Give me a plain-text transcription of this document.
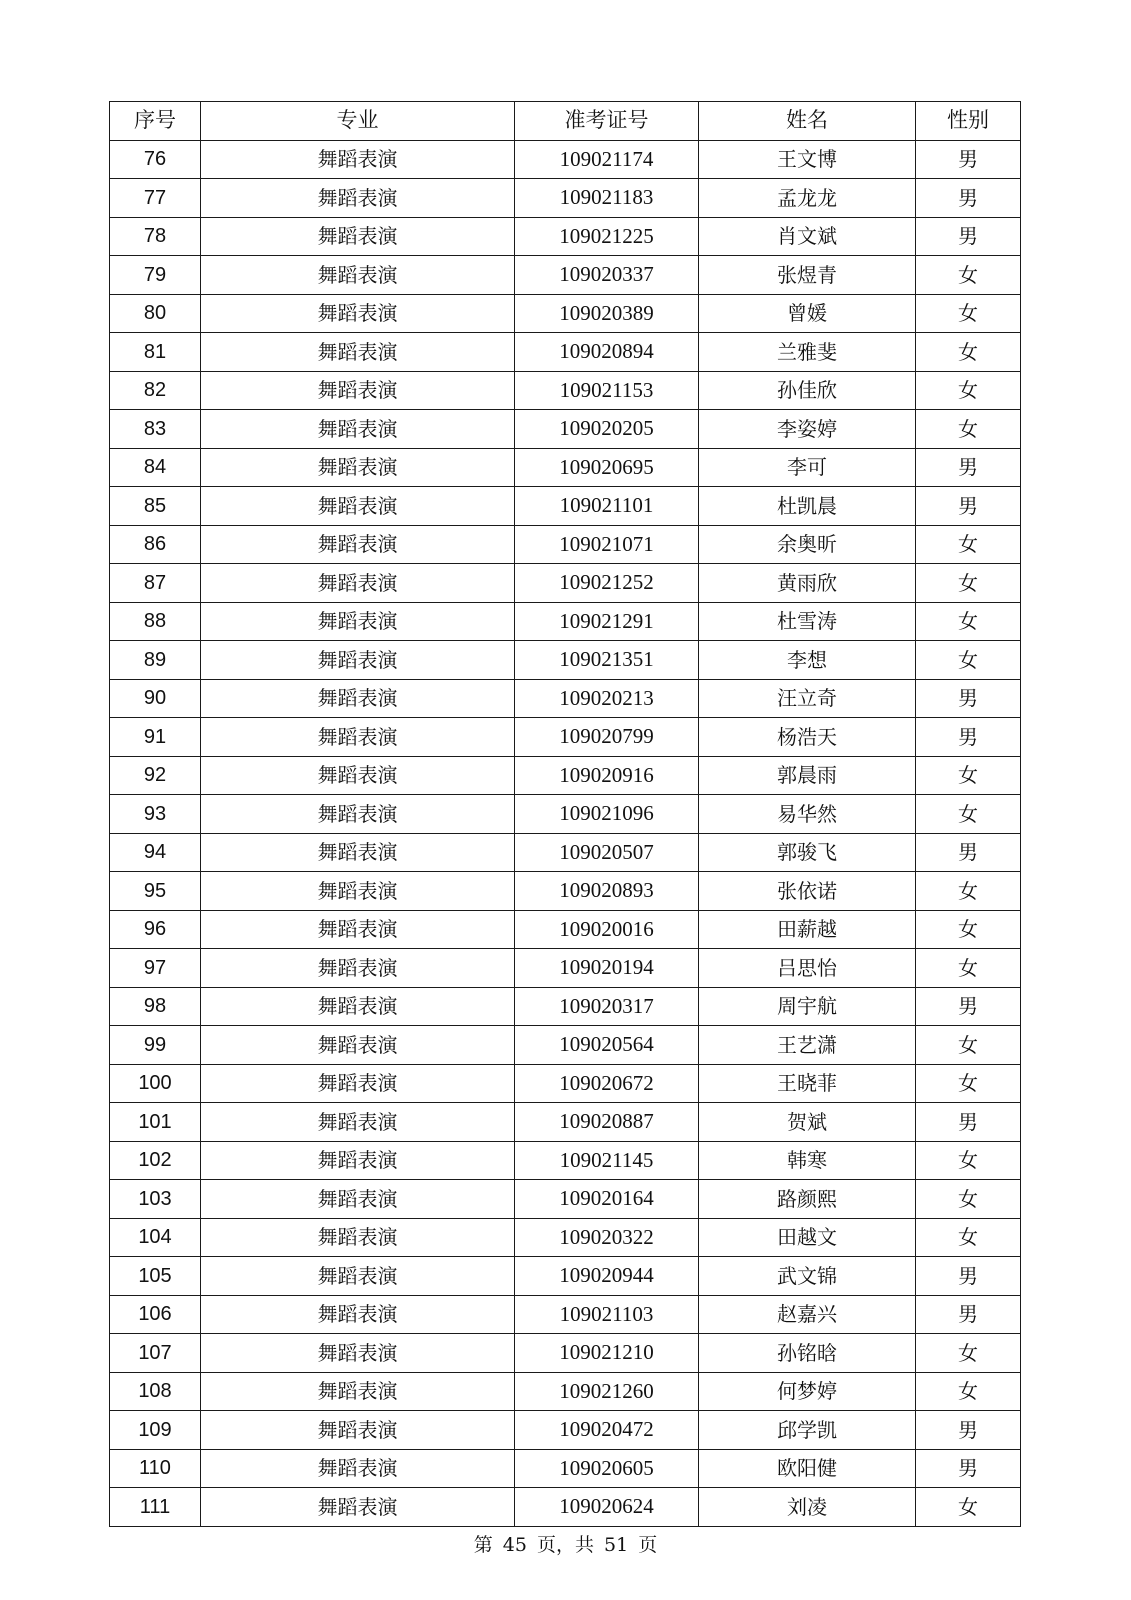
序号	专业	准考证号	姓名	性别
76	舞蹈表演	109021174	王文博	男
77	舞蹈表演	109021183	孟龙龙	男
78	舞蹈表演	109021225	肖文斌	男
79	舞蹈表演	109020337	张煜青	女
80	舞蹈表演	109020389	曾媛	女
81	舞蹈表演	109020894	兰雅斐	女
82	舞蹈表演	109021153	孙佳欣	女
83	舞蹈表演	109020205	李姿婷	女
84	舞蹈表演	109020695	李可	男
85	舞蹈表演	109021101	杜凯晨	男
86	舞蹈表演	109021071	余奥昕	女
87	舞蹈表演	109021252	黄雨欣	女
88	舞蹈表演	109021291	杜雪涛	女
89	舞蹈表演	109021351	李想	女
90	舞蹈表演	109020213	汪立奇	男
91	舞蹈表演	109020799	杨浩天	男
92	舞蹈表演	109020916	郭晨雨	女
93	舞蹈表演	109021096	易华然	女
94	舞蹈表演	109020507	郭骏飞	男
95	舞蹈表演	109020893	张依诺	女
96	舞蹈表演	109020016	田薪越	女
97	舞蹈表演	109020194	吕思怡	女
98	舞蹈表演	109020317	周宇航	男
99	舞蹈表演	109020564	王艺潇	女
100	舞蹈表演	109020672	王晓菲	女
101	舞蹈表演	109020887	贺斌	男
102	舞蹈表演	109021145	韩寒	女
103	舞蹈表演	109020164	路颜熙	女
104	舞蹈表演	109020322	田越文	女
105	舞蹈表演	109020944	武文锦	男
106	舞蹈表演	109021103	赵嘉兴	男
107	舞蹈表演	109021210	孙铭晗	女
108	舞蹈表演	109021260	何梦婷	女
109	舞蹈表演	109020472	邱学凯	男
110	舞蹈表演	109020605	欧阳健	男
111	舞蹈表演	109020624	刘凌	女
第 45 页，共 51 页
